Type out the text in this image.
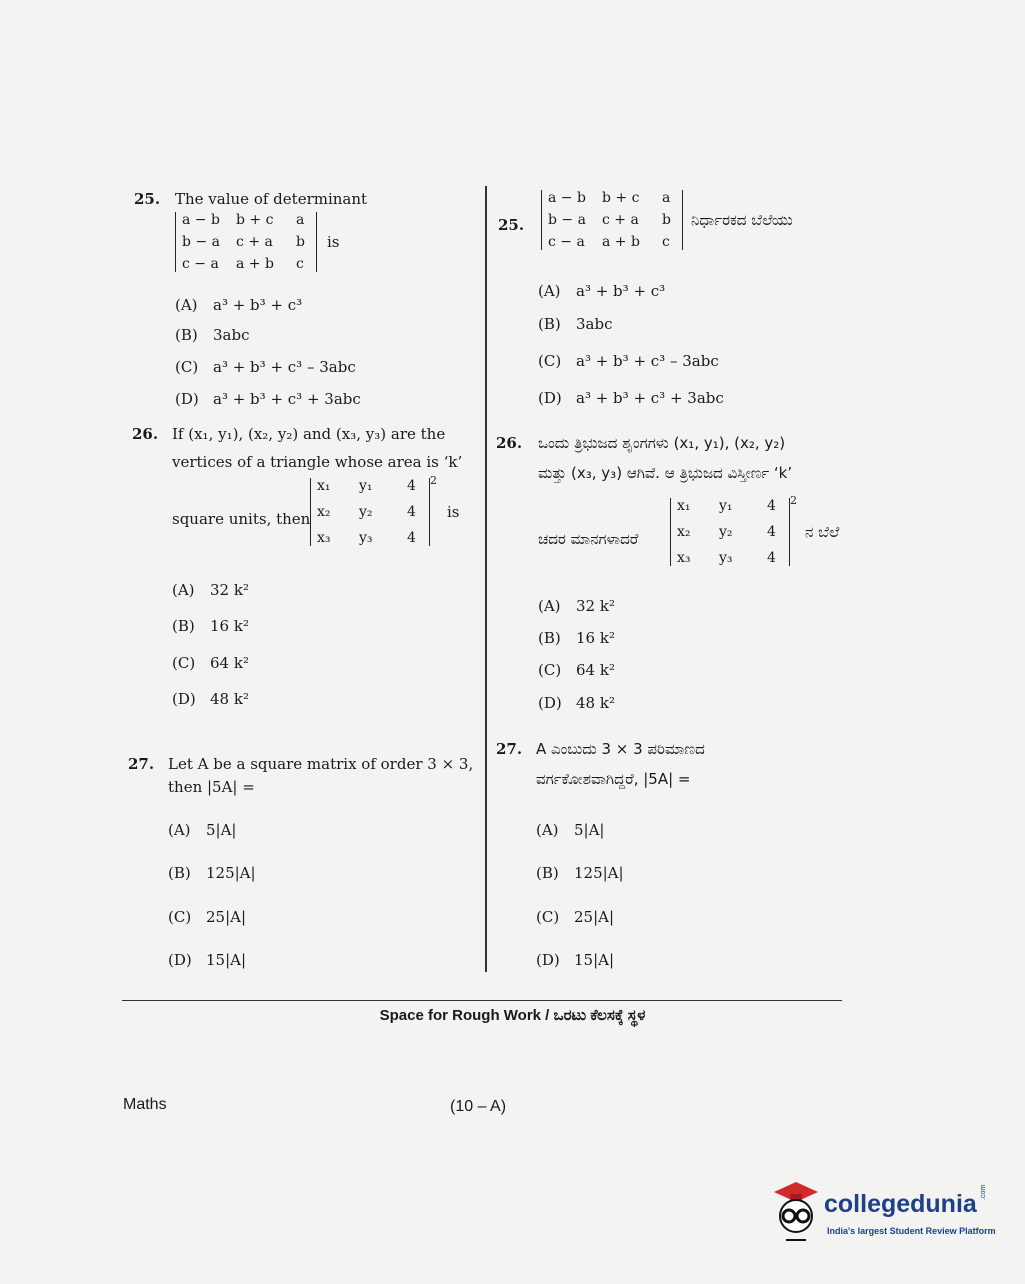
25. The value of determinant
a − b	b + c	a
b − a	c + a	b
c − a	a + b	c
is
(A) a³ + b³ + c³
(B) 3abc
(C) a³ + b³ + c³ – 3abc
(D) a³ + b³ + c³ + 3abc
26. If (x₁, y₁), (x₂, y₂) and (x₃, y₃) are the
vertices of a triangle whose area is ‘k’
square units, then
x₁	y₁	4
x₂	y₂	4
x₃	y₃	4
$^2$
is
(A) 32 k²
(B) 16 k²
(C) 64 k²
(D) 48 k²
27. Let A be a square matrix of order 3 × 3,
then |5A| =
(A) 5|A|
(B) 125|A|
(C) 25|A|
(D) 15|A|
25.
a − b	b + c	a
b − a	c + a	b
c − a	a + b	c
ನಿರ್ಧಾರಕದ ಬೆಲೆಯು
(A) a³ + b³ + c³
(B) 3abc
(C) a³ + b³ + c³ – 3abc
(D) a³ + b³ + c³ + 3abc
26. ಒಂದು ತ್ರಿಭುಜದ ಶೃಂಗಗಳು (x₁, y₁), (x₂, y₂)
ಮತ್ತು (x₃, y₃) ಆಗಿವೆ. ಆ ತ್ರಿಭುಜದ ವಿಸ್ತೀರ್ಣ ‘k’
ಚದರ ಮಾನಗಳಾದರೆ
x₁	y₁	4
x₂	y₂	4
x₃	y₃	4
$^2$
ನ ಬೆಲೆ
(A) 32 k²
(B) 16 k²
(C) 64 k²
(D) 48 k²
27. A ಎಂಬುದು 3 × 3 ಪರಿಮಾಣದ
ವರ್ಗಕೋಶವಾಗಿದ್ದರೆ, |5A| =
(A) 5|A|
(B) 125|A|
(C) 25|A|
(D) 15|A|
Space for Rough Work / ಒರಟು ಕೆಲಸಕ್ಕೆ ಸ್ಥಳ
Maths	(10 – A)
collegedunia .com
India's largest Student Review Platform
